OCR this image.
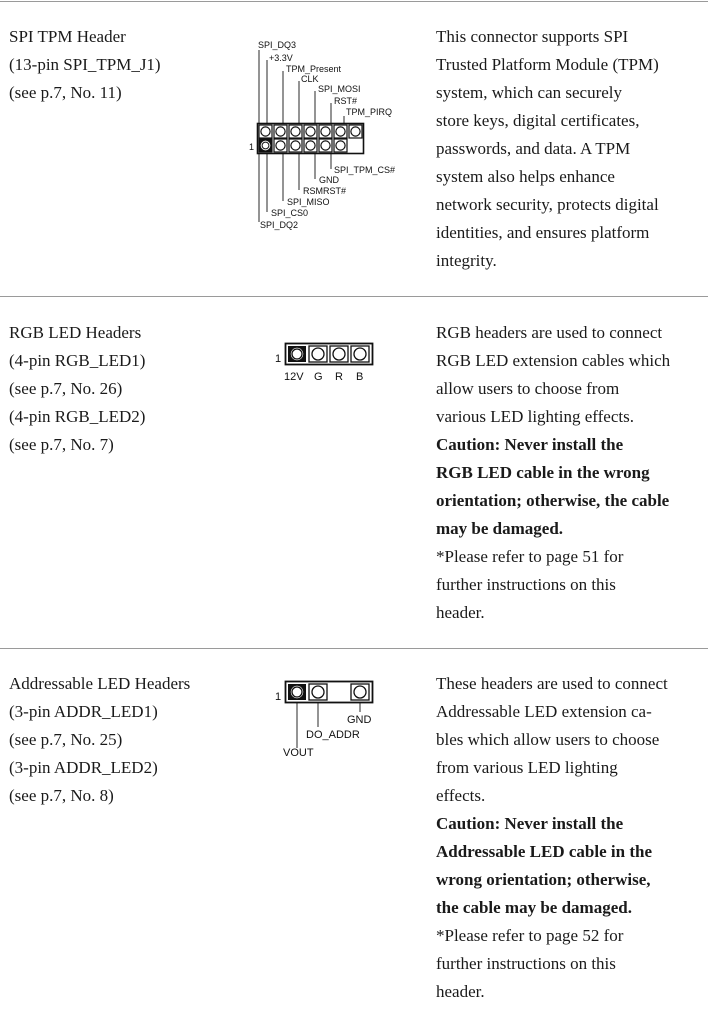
SPI TPM Header
(13-pin SPI_TPM_J1)
(see p.7, No. 11)
SPI_DQ3
+3.3V
TPM_Present
CLK
SPI_MOSI
RST#
TPM_PIRQ
1
SPI_TPM_CS#
GND
RSMRST#
SPI_MISO
SPI_CS0
SPI_DQ2
This connector supports SPI
Trusted Platform Module (TPM)
system, which can securely
store keys, digital certificates,
passwords, and data. A TPM
system also helps enhance
network security, protects digital
identities, and ensures platform
integrity.
RGB LED Headers
(4-pin RGB_LED1)
(see p.7, No. 26)
(4-pin RGB_LED2)
(see p.7, No. 7)
1
12V G R B
RGB headers are used to connect
RGB LED extension cables which
allow users to choose from
various LED lighting effects.
Caution: Never install the
RGB LED cable in the wrong
orientation; otherwise, the cable
may be damaged.
*Please refer to page 51 for
further instructions on this
header.
Addressable LED Headers
(3-pin ADDR_LED1)
(see p.7, No. 25)
(3-pin ADDR_LED2)
(see p.7, No. 8)
1
GND
DO_ADDR
VOUT
These headers are used to connect
Addressable LED extension ca-
bles which allow users to choose
from various LED lighting
effects.
Caution: Never install the
Addressable LED cable in the
wrong orientation; otherwise,
the cable may be damaged.
*Please refer to page 52 for
further instructions on this
header.
